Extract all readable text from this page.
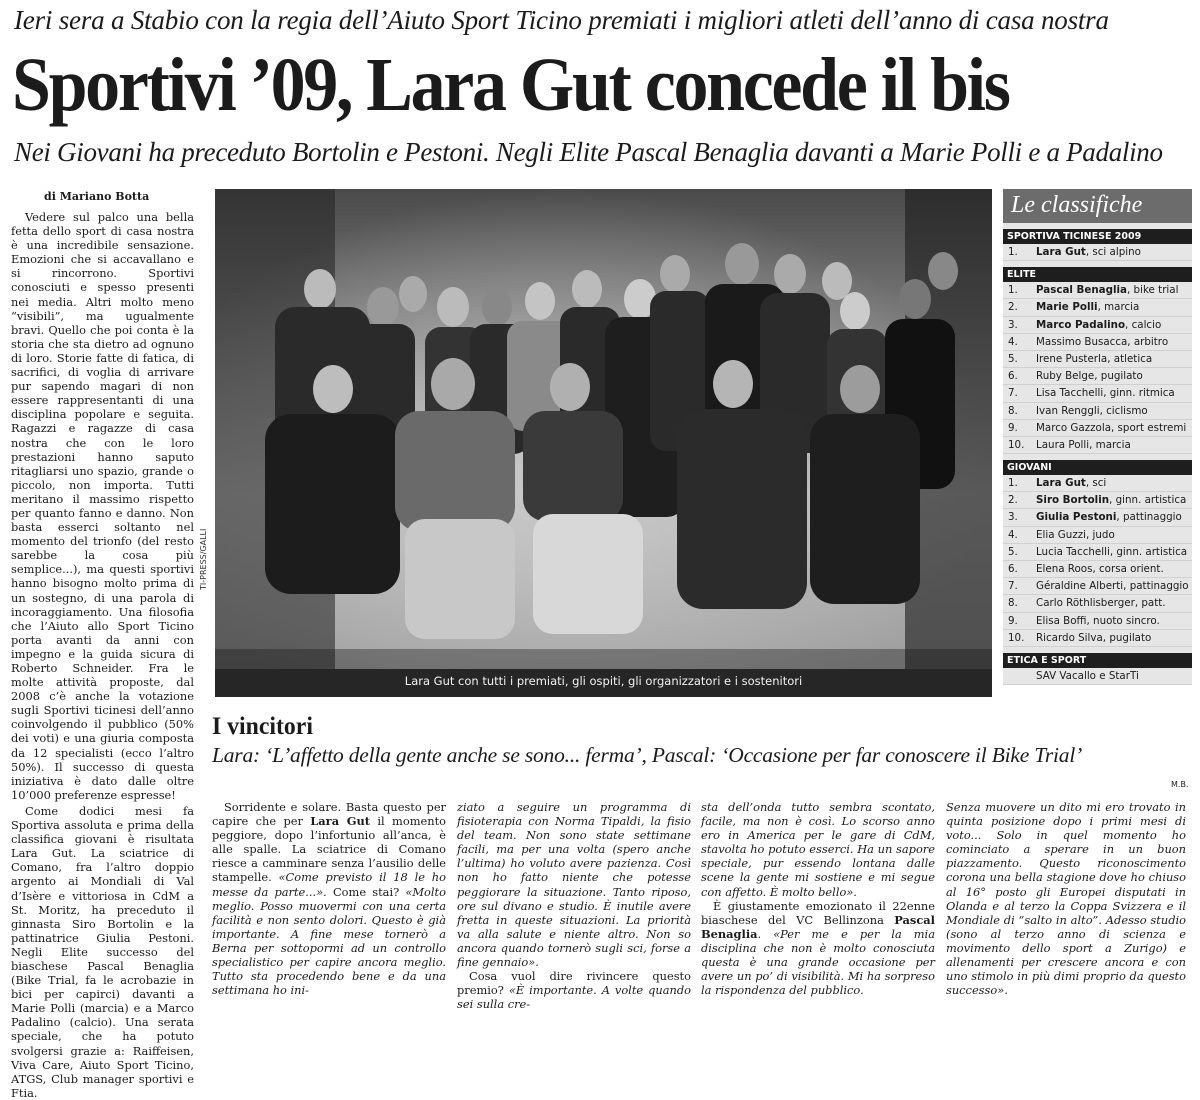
Ieri sera a Stabio con la regia dell’Aiuto Sport Ticino premiati i migliori atleti dell’anno di casa nostra
Sportivi ’09, Lara Gut concede il bis
Nei Giovani ha preceduto Bortolin e Pestoni. Negli Elite Pascal Benaglia davanti a Marie Polli e a Padalino
di Mariano Botta

Vedere sul palco una bella fetta dello sport di casa nostra è una incredibile sensazione. Emozioni che si accavallano e si rincorrono. Sportivi conosciuti e spesso presenti nei media. Altri molto meno “visibili”, ma ugualmente bravi. Quello che poi conta è la storia che sta dietro ad ognuno di loro. Storie fatte di fatica, di sacrifici, di voglia di arrivare pur sapendo magari di non essere rappresentanti di una disciplina popolare e seguita. Ragazzi e ragazze di casa nostra che con le loro prestazioni hanno saputo ritagliarsi uno spazio, grande o piccolo, non importa. Tutti meritano il massimo rispetto per quanto fanno e danno. Non basta esserci soltanto nel momento del trionfo (del resto sarebbe la cosa più semplice...), ma questi sportivi hanno bisogno molto prima di un sostegno, di una parola di incoraggiamento. Una filosofia che l’Aiuto allo Sport Ticino porta avanti da anni con impegno e la guida sicura di Roberto Schneider. Fra le molte attività proposte, dal 2008 c’è anche la votazione sugli Sportivi ticinesi dell’anno coinvolgendo il pubblico (50% dei voti) e una giuria composta da 12 specialisti (ecco l’altro 50%). Il successo di questa iniziativa è dato dalle oltre 10’000 preferenze espresse!

Come dodici mesi fa Sportiva assoluta e prima della classifica giovani è risultata Lara Gut. La sciatrice di Comano, fra l’altro doppio argento ai Mondiali di Val d’Isère e vittoriosa in CdM a St. Moritz, ha preceduto il ginnasta Siro Bortolin e la pattinatrice Giulia Pestoni. Negli Elite successo del biaschese Pascal Benaglia (Bike Trial, fa le acrobazie in bici per capirci) davanti a Marie Polli (marcia) e a Marco Padalino (calcio). Una serata speciale, che ha potuto svolgersi grazie a: Raiffeisen, Viva Care, Aiuto Sport Ticino, ATGS, Club manager sportivi e Ftia.

TI-PRESS/GALLI
Lara Gut con tutti i premiati, gli ospiti, gli organizzatori e i sostenitori
Le classifiche
SPORTIVA TICINESE 2009
1.	Lara Gut , sci alpino
ELITE
1.	Pascal Benaglia , bike trial
2.	Marie Polli , marcia
3.	Marco Padalino , calcio
4.	Massimo Busacca, arbitro
5.	Irene Pusterla, atletica
6.	Ruby Belge, pugilato
7.	Lisa Tacchelli, ginn. ritmica
8.	Ivan Renggli, ciclismo
9.	Marco Gazzola, sport estremi
10.	Laura Polli, marcia
GIOVANI
1.	Lara Gut , sci
2.	Siro Bortolin , ginn. artistica
3.	Giulia Pestoni , pattinaggio
4.	Elia Guzzi, judo
5.	Lucia Tacchelli, ginn. artistica
6.	Elena Roos, corsa orient.
7.	Géraldine Alberti, pattinaggio
8.	Carlo Röthlisberger, patt.
9.	Elisa Boffi, nuoto sincro.
10.	Ricardo Silva, pugilato
ETICA E SPORT
SAV Vacallo e StarTi
I vincitori
Lara: ‘L’affetto della gente anche se sono... ferma’, Pascal: ‘Occasione per far conoscere il Bike Trial’
M.B.

Sorridente e solare. Basta questo per capire che per Lara Gut il momento peggiore, dopo l’infortunio all’anca, è alle spalle. La sciatrice di Comano riesce a camminare senza l’ausilio delle stampelle. «Come previsto il 18 le ho messe da parte...». Come stai? «Molto meglio. Posso muovermi con una certa facilità e non sento dolori. Questo è già importante. A fine mese tornerò a Berna per sottopormi ad un controllo specialistico per capire ancora meglio. Tutto sta procedendo bene e da una settimana ho ini-

ziato a seguire un programma di fisioterapia con Norma Tipaldi, la fisio del team. Non sono state settimane facili, ma per una volta (spero anche l’ultima) ho voluto avere pazienza. Così non ho fatto niente che potesse peggiorare la situazione. Tanto riposo, ore sul divano e studio. È inutile avere fretta in queste situazioni. La priorità va alla salute e niente altro. Non so ancora quando tornerò sugli sci, forse a fine gennaio».

Cosa vuol dire rivincere questo premio? «È importante. A volte quando sei sulla cre-

sta dell’onda tutto sembra scontato, facile, ma non è così. Lo scorso anno ero in America per le gare di CdM, stavolta ho potuto esserci. Ha un sapore speciale, pur essendo lontana dalle scene la gente mi sostiene e mi segue con affetto. È molto bello».

È giustamente emozionato il 22enne biaschese del VC Bellinzona Pascal Benaglia. «Per me e per la mia disciplina che non è molto conosciuta questa è una grande occasione per avere un po’ di visibilità. Mi ha sorpreso la rispondenza del pubblico.

Senza muovere un dito mi ero trovato in quinta posizione dopo i primi mesi di voto... Solo in quel momento ho cominciato a sperare in un buon piazzamento. Questo riconoscimento corona una bella stagione dove ho chiuso al 16° posto gli Europei disputati in Olanda e al terzo la Coppa Svizzera e il Mondiale di “salto in alto”. Adesso studio (sono al terzo anno di scienza e movimento dello sport a Zurigo) e allenamenti per crescere ancora e con uno stimolo in più dimi proprio da questo successo».
